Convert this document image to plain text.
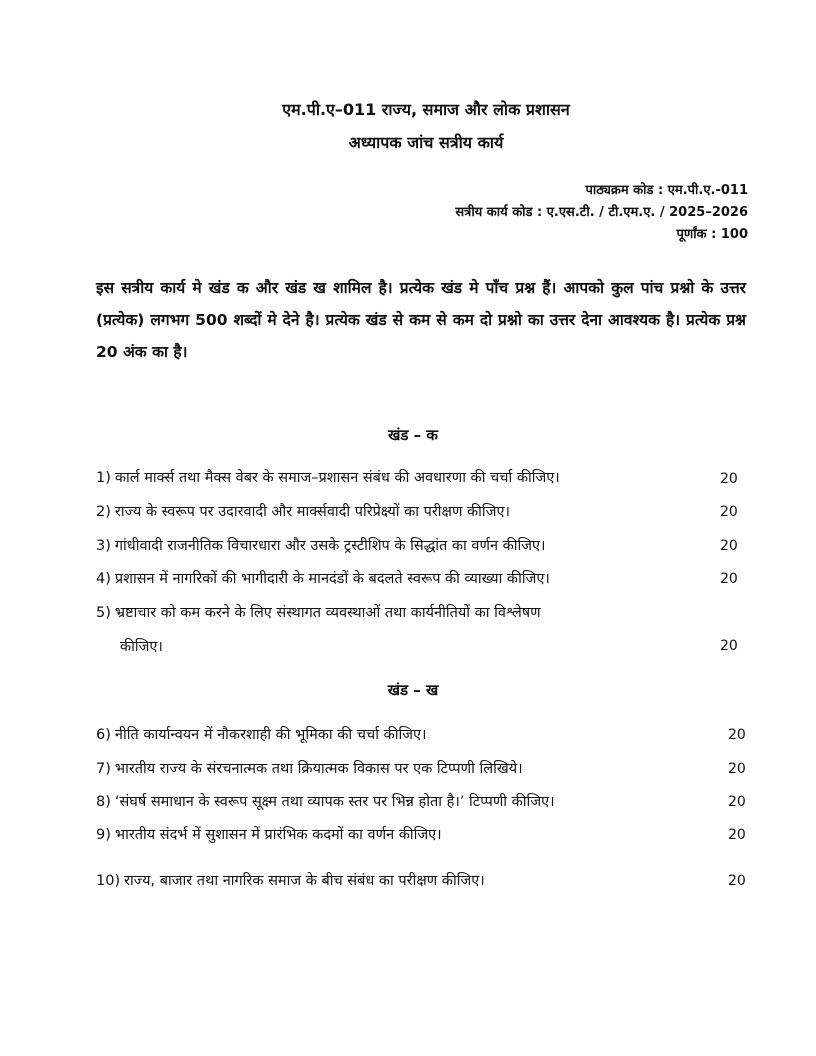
एम.पी.ए–011 राज्य, समाज और लोक प्रशासन
अध्यापक जांच सत्रीय कार्य
पाठ्यक्रम कोड : एम.पी.ए.-011
सत्रीय कार्य कोड : ए.एस.टी. / टी.एम.ए. / 2025–2026
पूर्णांक : 100
इस सत्रीय कार्य मे खंड क और खंड ख शामिल है। प्रत्येक खंड मे पाँच प्रश्न हैं। आपको कुल पांच प्रश्नो के उत्तर (प्रत्येक) लगभग 500 शब्दों मे देने है। प्रत्येक खंड से कम से कम दो प्रश्नो का उत्तर देना आवश्यक है। प्रत्येक प्रश्न 20 अंक का है।
खंड – क
1) कार्ल मार्क्स तथा मैक्स वेबर के समाज–प्रशासन संबंध की अवधारणा की चर्चा कीजिए।	20
2) राज्य के स्वरूप पर उदारवादी और मार्क्सवादी परिप्रेक्ष्यों का परीक्षण कीजिए।	20
3) गांधीवादी राजनीतिक विचारधारा और उसके ट्रस्टीशिप के सिद्धांत का वर्णन कीजिए।	20
4) प्रशासन में नागरिकों की भागीदारी के मानदंडों के बदलते स्वरूप की व्याख्या कीजिए।	20
5) भ्रष्टाचार को कम करने के लिए संस्थागत व्यवस्थाओं तथा कार्यनीतियों का विश्लेषण
कीजिए।	20
खंड – ख
6) नीति कार्यान्वयन में नौकरशाही की भूमिका की चर्चा कीजिए।	20
7) भारतीय राज्य के संरचनात्मक तथा क्रियात्मक विकास पर एक टिप्पणी लिखिये।	20
8) ‘संघर्ष समाधान के स्वरूप सूक्ष्म तथा व्यापक स्तर पर भिन्न होता है।’ टिप्पणी कीजिए।	20
9) भारतीय संदर्भ में सुशासन में प्रारंभिक कदमों का वर्णन कीजिए।	20
10) राज्य, बाजार तथा नागरिक समाज के बीच संबंध का परीक्षण कीजिए।	20
